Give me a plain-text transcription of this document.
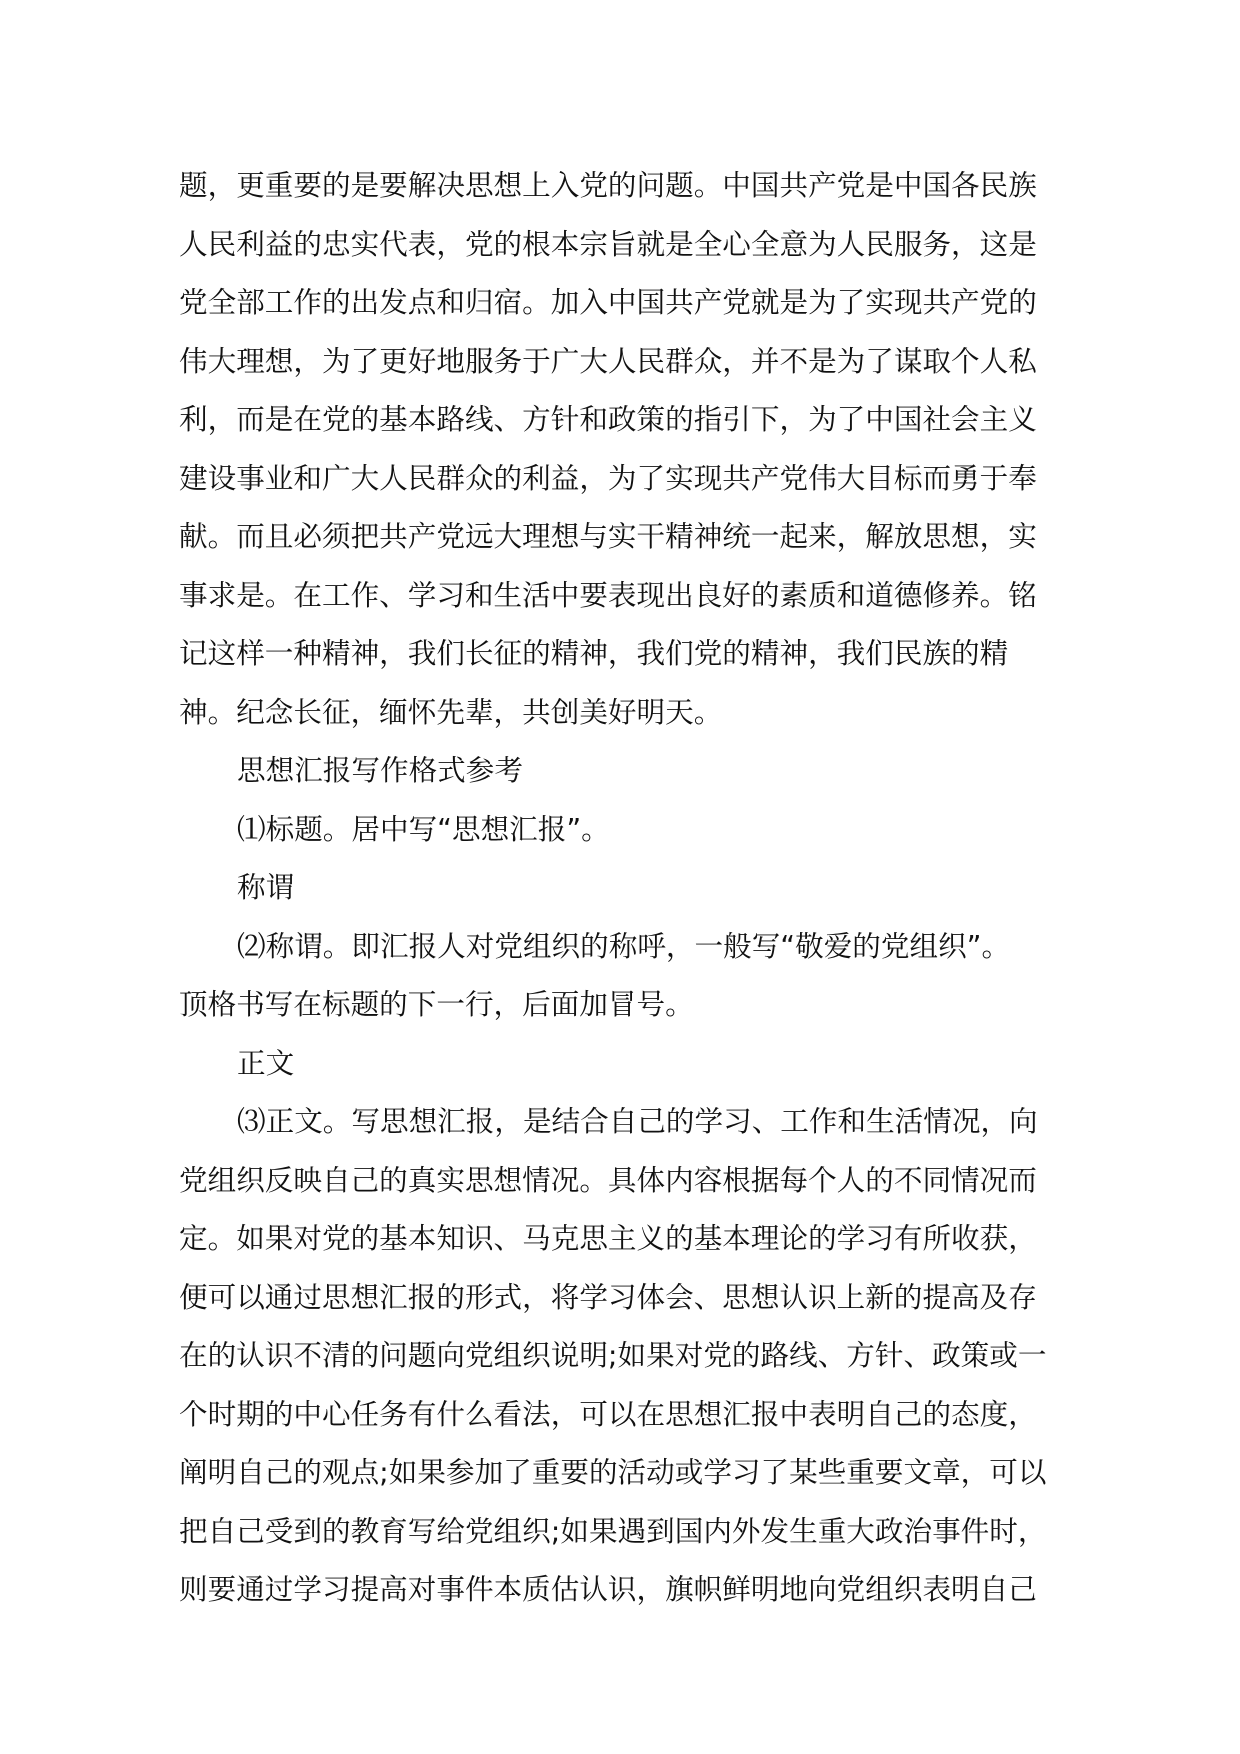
题，更重要的是要解决思想上入党的问题。中国共产党是中国各民族
人民利益的忠实代表，党的根本宗旨就是全心全意为人民服务，这是
党全部工作的出发点和归宿。加入中国共产党就是为了实现共产党的
伟大理想，为了更好地服务于广大人民群众，并不是为了谋取个人私
利，而是在党的基本路线、方针和政策的指引下，为了中国社会主义
建设事业和广大人民群众的利益，为了实现共产党伟大目标而勇于奉
献。而且必须把共产党远大理想与实干精神统一起来，解放思想，实
事求是。在工作、学习和生活中要表现出良好的素质和道德修养。铭
记这样一种精神，我们长征的精神，我们党的精神，我们民族的精
神。纪念长征，缅怀先辈，共创美好明天。
思想汇报写作格式参考
⑴标题。居中写“思想汇报”。
称谓
⑵称谓。即汇报人对党组织的称呼，一般写“敬爱的党组织”。
顶格书写在标题的下一行，后面加冒号。
正文
⑶正文。写思想汇报，是结合自己的学习、工作和生活情况，向
党组织反映自己的真实思想情况。具体内容根据每个人的不同情况而
定。如果对党的基本知识、马克思主义的基本理论的学习有所收获，
便可以通过思想汇报的形式，将学习体会、思想认识上新的提高及存
在的认识不清的问题向党组织说明;如果对党的路线、方针、政策或一
个时期的中心任务有什么看法，可以在思想汇报中表明自己的态度，
阐明自己的观点;如果参加了重要的活动或学习了某些重要文章，可以
把自己受到的教育写给党组织;如果遇到国内外发生重大政治事件时，
则要通过学习提高对事件本质估认识，旗帜鲜明地向党组织表明自己
